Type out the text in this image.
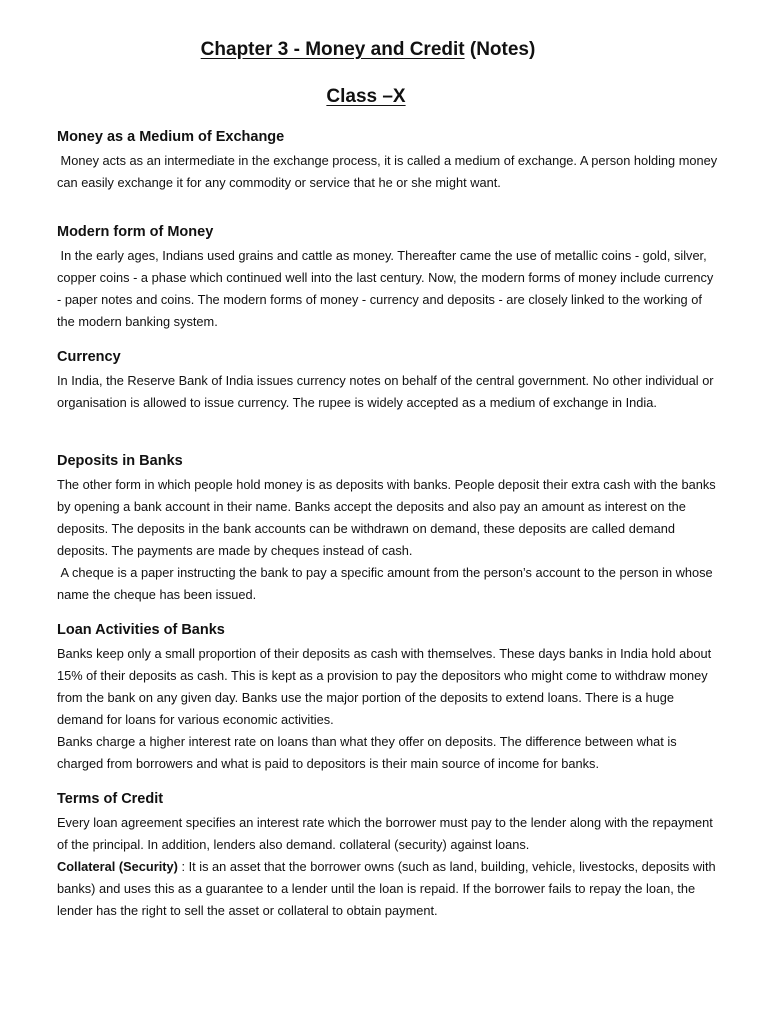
Chapter 3 - Money and Credit (Notes)
Class –X
Money as a Medium of Exchange

Money acts as an intermediate in the exchange process, it is called a medium of exchange. A person holding money can easily exchange it for any commodity or service that he or she might want.

Modern form of Money

In the early ages, Indians used grains and cattle as money. Thereafter came the use of metallic coins - gold, silver, copper coins - a phase which continued well into the last century. Now, the modern forms of money include currency - paper notes and coins. The modern forms of money - currency and deposits - are closely linked to the working of the modern banking system.

Currency

In India, the Reserve Bank of India issues currency notes on behalf of the central government. No other individual or organisation is allowed to issue currency. The rupee is widely accepted as a medium of exchange in India.

Deposits in Banks

The other form in which people hold money is as deposits with banks. People deposit their extra cash with the banks by opening a bank account in their name. Banks accept the deposits and also pay an amount as interest on the deposits. The deposits in the bank accounts can be withdrawn on demand, these deposits are called demand deposits. The payments are made by cheques instead of cash.

A cheque is a paper instructing the bank to pay a specific amount from the person’s account to the person in whose name the cheque has been issued.

Loan Activities of Banks

Banks keep only a small proportion of their deposits as cash with themselves. These days banks in India hold about 15% of their deposits as cash. This is kept as a provision to pay the depositors who might come to withdraw money from the bank on any given day. Banks use the major portion of the deposits to extend loans. There is a huge demand for loans for various economic activities.

Banks charge a higher interest rate on loans than what they offer on deposits. The difference between what is charged from borrowers and what is paid to depositors is their main source of income for banks.

Terms of Credit

Every loan agreement specifies an interest rate which the borrower must pay to the lender along with the repayment of the principal. In addition, lenders also demand. collateral (security) against loans.

Collateral (Security) : It is an asset that the borrower owns (such as land, building, vehicle, livestocks, deposits with banks) and uses this as a guarantee to a lender until the loan is repaid. If the borrower fails to repay the loan, the lender has the right to sell the asset or collateral to obtain payment.
